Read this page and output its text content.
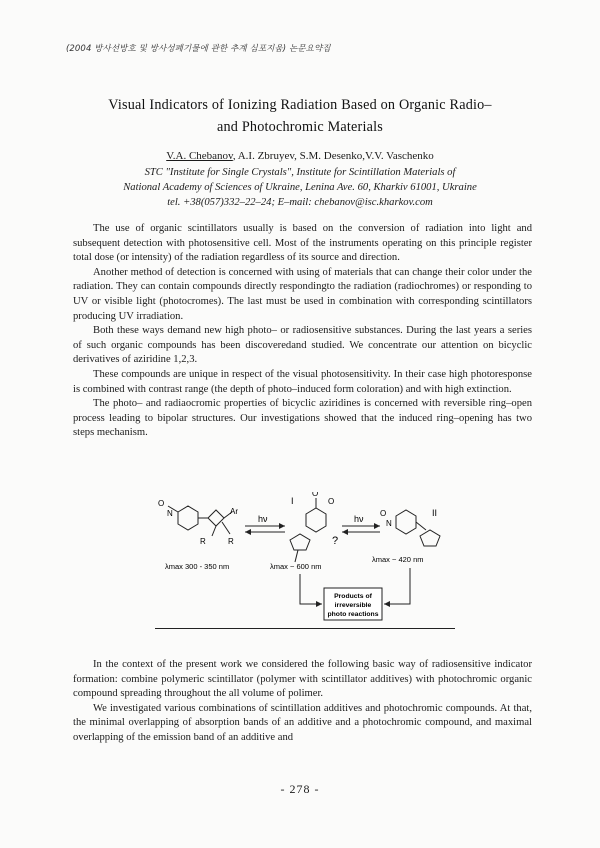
(2004 방사선방호 및 방사성폐기물에 관한 추계 심포지움) 논문요약집
Visual Indicators of Ionizing Radiation Based on Organic Radio–
and Photochromic Materials
V.A. Chebanov, A.I. Zbruyev, S.M. Desenko,V.V. Vaschenko
STC "Institute for Single Crystals", Institute for Scintillation Materials of
National Academy of Sciences of Ukraine, Lenina Ave. 60, Kharkiv 61001, Ukraine
tel. +38(057)332–22–24; E–mail: chebanov@isc.kharkov.com

The use of organic scintillators usually is based on the conversion of radiation into light and subsequent detection with photosensitive cell. Most of the instruments operating on this principle register total dose (or intensity) of the radiation regardless of its source and direction.

Another method of detection is concerned with using of materials that can change their color under the radiation. They can contain compounds directly respondingto the radiation (radiochromes) or responding to UV or visible light (photocromes). The last must be used in combination with corresponding scintillators producing UV irradiation.

Both these ways demand new high photo– or radiosensitive substances. During the last years a series of such organic compounds has been discoveredand studied. We concentrate our attention on bicyclic derivatives of aziridine 1,2,3.

These compounds are unique in respect of the visual photosensitivity. In their case high photoresponse is combined with contrast range (the depth of photo–induced form coloration) and with high extinction.

The photo– and radiaocromic properties of bicyclic aziridines is concerned with reversible ring–open process leading to bipolar structures. Our investigations showed that the induced ring–opening has two steps mechanism.

O
N	Ar
R	R
hν
I
O
O
?
hν
O
N
II
λmax 300 - 350 nm	λmax ~ 600 nm
λmax ~ 420 nm
Products of
irreversible
photo reactions

In the context of the present work we considered the following basic way of radiosensitive indicator formation: combine polymeric scintillator (polymer with scintillator additives) with photochromic organic compound spreading throughout the all volume of polimer.

We investigated various combinations of scintillation additives and photochromic compounds. At that, the minimal overlapping of absorption bands of an additive and a photochromic compound, and maximal overlapping of the emission band of an additive and

- 278 -
